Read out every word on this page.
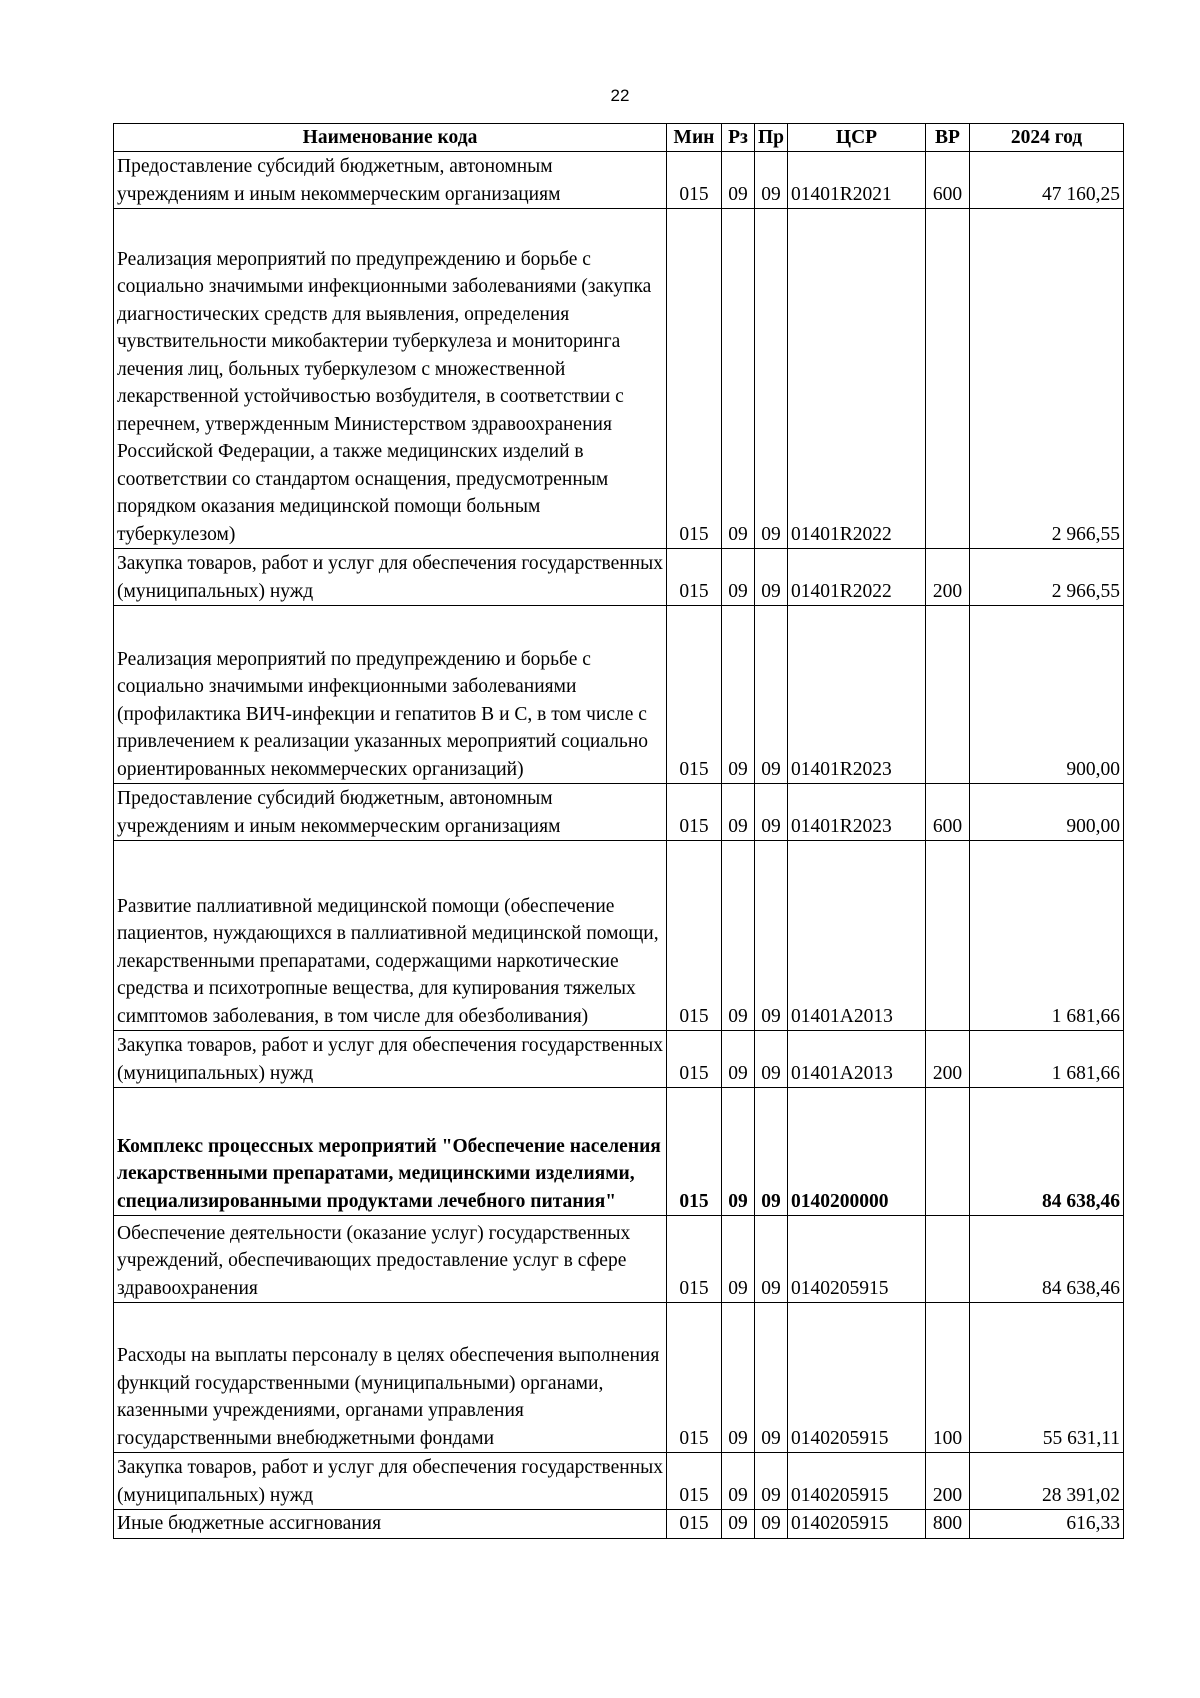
22
Наименование кода	Мин	Рз	Пр	ЦСР	ВР	2024 год
Предоставление субсидий бюджетным, автономным учреждениям и иным некоммерческим организациям	015	09	09	01401R2021	600	47 160,25
Реализация мероприятий по предупреждению и борьбе с социально значимыми инфекционными заболеваниями (закупка диагностических средств для выявления, определения чувствительности микобактерии туберкулеза и мониторинга лечения лиц, больных туберкулезом с множественной лекарственной устойчивостью возбудителя, в соответствии с перечнем, утвержденным Министерством здравоохранения Российской Федерации, а также медицинских изделий в соответствии со стандартом оснащения, предусмотренным порядком оказания медицинской помощи больным туберкулезом)	015	09	09	01401R2022		2 966,55
Закупка товаров, работ и услуг для обеспечения государственных (муниципальных) нужд	015	09	09	01401R2022	200	2 966,55
Реализация мероприятий по предупреждению и борьбе с социально значимыми инфекционными заболеваниями (профилактика ВИЧ-инфекции и гепатитов В и С, в том числе с привлечением к реализации указанных мероприятий социально ориентированных некоммерческих организаций)	015	09	09	01401R2023		900,00
Предоставление субсидий бюджетным, автономным учреждениям и иным некоммерческим организациям	015	09	09	01401R2023	600	900,00
Развитие паллиативной медицинской помощи (обеспечение пациентов, нуждающихся в паллиативной медицинской помощи, лекарственными препаратами, содержащими наркотические средства и психотропные вещества, для купирования тяжелых симптомов заболевания, в том числе для обезболивания)	015	09	09	01401A2013		1 681,66
Закупка товаров, работ и услуг для обеспечения государственных (муниципальных) нужд	015	09	09	01401A2013	200	1 681,66
Комплекс процессных мероприятий "Обеспечение населения лекарственными препаратами, медицинскими изделиями, специализированными продуктами лечебного питания"	015	09	09	0140200000		84 638,46
Обеспечение деятельности (оказание услуг) государственных учреждений, обеспечивающих предоставление услуг в сфере здравоохранения	015	09	09	0140205915		84 638,46
Расходы на выплаты персоналу в целях обеспечения выполнения функций государственными (муниципальными) органами, казенными учреждениями, органами управления государственными внебюджетными фондами	015	09	09	0140205915	100	55 631,11
Закупка товаров, работ и услуг для обеспечения государственных (муниципальных) нужд	015	09	09	0140205915	200	28 391,02
Иные бюджетные ассигнования	015	09	09	0140205915	800	616,33
